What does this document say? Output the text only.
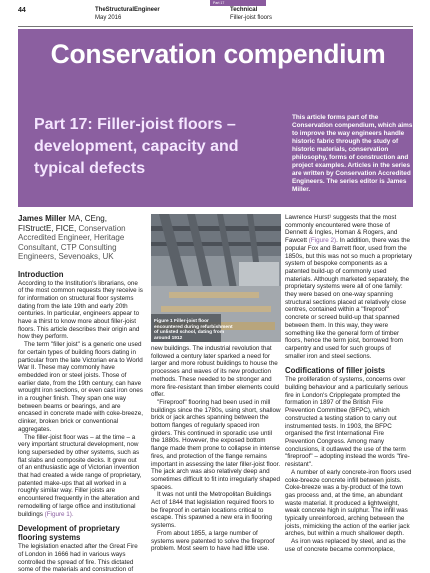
Part 17
44	TheStructuralEngineer
May 2016
Technical
Filler-joist floors
Conservation compendium
Part 17: Filler-joist floors – development, capacity and typical defects
This article forms part of the Conservation compendium, which aims to improve the way engineers handle historic fabric through the study of historic materials, conservation philosophy, forms of construction and project examples. Articles in the series are written by Conservation Accredited Engineers. The series editor is James Miller.
James Miller MA, CEng, FIStructE, FICE, Conservation Accredited Engineer, Heritage Consultant, CTP Consulting Engineers, Sevenoaks, UK
Introduction

According to the Institution's librarians, one of the most common requests they receive is for information on structural floor systems dating from the late 19th and early 20th centuries. In particular, engineers appear to have a thirst to know more about filler-joist floors. This article describes their origin and how they perform.

The term "filler joist" is a generic one used for certain types of building floors dating in particular from the late Victorian era to World War II. These may commonly have embedded iron or steel joists. Those of earlier date, from the 19th century, can have wrought iron sections, or even cast iron ones in a rougher finish. They span one way between beams or bearings, and are encased in concrete made with coke-breeze, clinker, broken brick or conventional aggregates.

The filler-joist floor was – at the time – a very important structural development, now long superseded by other systems, such as flat slabs and composite decks. It grew out of an enthusiastic age of Victorian invention that had created a wide range of proprietary, patented make-ups that all worked in a roughly similar way. Filler joists are encountered frequently in the alteration and remodelling of large office and institutional buildings (Figure 1).

Development of proprietary flooring systems

The legislation enacted after the Great Fire of London in 1666 had in various ways controlled the spread of fire. This dictated some of the materials and construction of

Figure 1 Filler-joist floor encountered during refurbishment of unlisted school, dating from around 1912

new buildings. The industrial revolution that followed a century later sparked a need for larger and more robust buildings to house the processes and waves of its new production methods. These needed to be stronger and more fire-resistant than timber elements could offer.

"Fireproof" flooring had been used in mill buildings since the 1780s, using short, shallow brick or jack arches spanning between the bottom flanges of regularly spaced iron girders. This continued in sporadic use until the 1880s. However, the exposed bottom flange made them prone to collapse in intense fires, and protection of the flange remains important in assessing the later filler-joist floor. The jack arch was also relatively deep and sometimes difficult to fit into irregularly shaped spaces.

It was not until the Metropolitan Buildings Act of 1844 that legislation required floors to be fireproof in certain locations critical to escape. This spawned a new era in flooring systems.

From about 1855, a large number of systems were patented to solve the fireproof problem. Most seem to have had little use.

Lawrence Hurst¹ suggests that the most commonly encountered were those of Dennett & Ingles, Homan & Rogers, and Fawcett (Figure 2). In addition, there was the popular Fox and Barrett floor, used from the 1850s, but this was not so much a proprietary system of bespoke components as a patented build-up of commonly used materials. Although marketed separately, the proprietary systems were all of one family: they were based on one-way spanning structural sections placed at relatively close centres, contained within a "fireproof" concrete or screed build-up that spanned between them. In this way, they were something like the general form of timber floors, hence the term joist, borrowed from carpentry and used for such groups of smaller iron and steel sections.

Codifications of filler joists

The proliferation of systems, concerns over building behaviour and a particularly serious fire in London's Cripplegate prompted the formation in 1897 of the British Fire Prevention Committee (BFPC), which constructed a testing station to carry out instrumented tests. In 1903, the BFPC organised the first International Fire Prevention Congress. Among many conclusions, it outlawed the use of the term "fireproof" – adopting instead the words "fire-resistant".

A number of early concrete-iron floors used coke-breeze concrete infill between joists. Coke-breeze was a by-product of the town gas process and, at the time, an abundant waste material. It produced a lightweight, weak concrete high in sulphur. The infill was typically unreinforced, arching between the joists, mimicking the action of the earlier jack arches, but within a much shallower depth.

As iron was replaced by steel, and as the use of concrete became commonplace,
